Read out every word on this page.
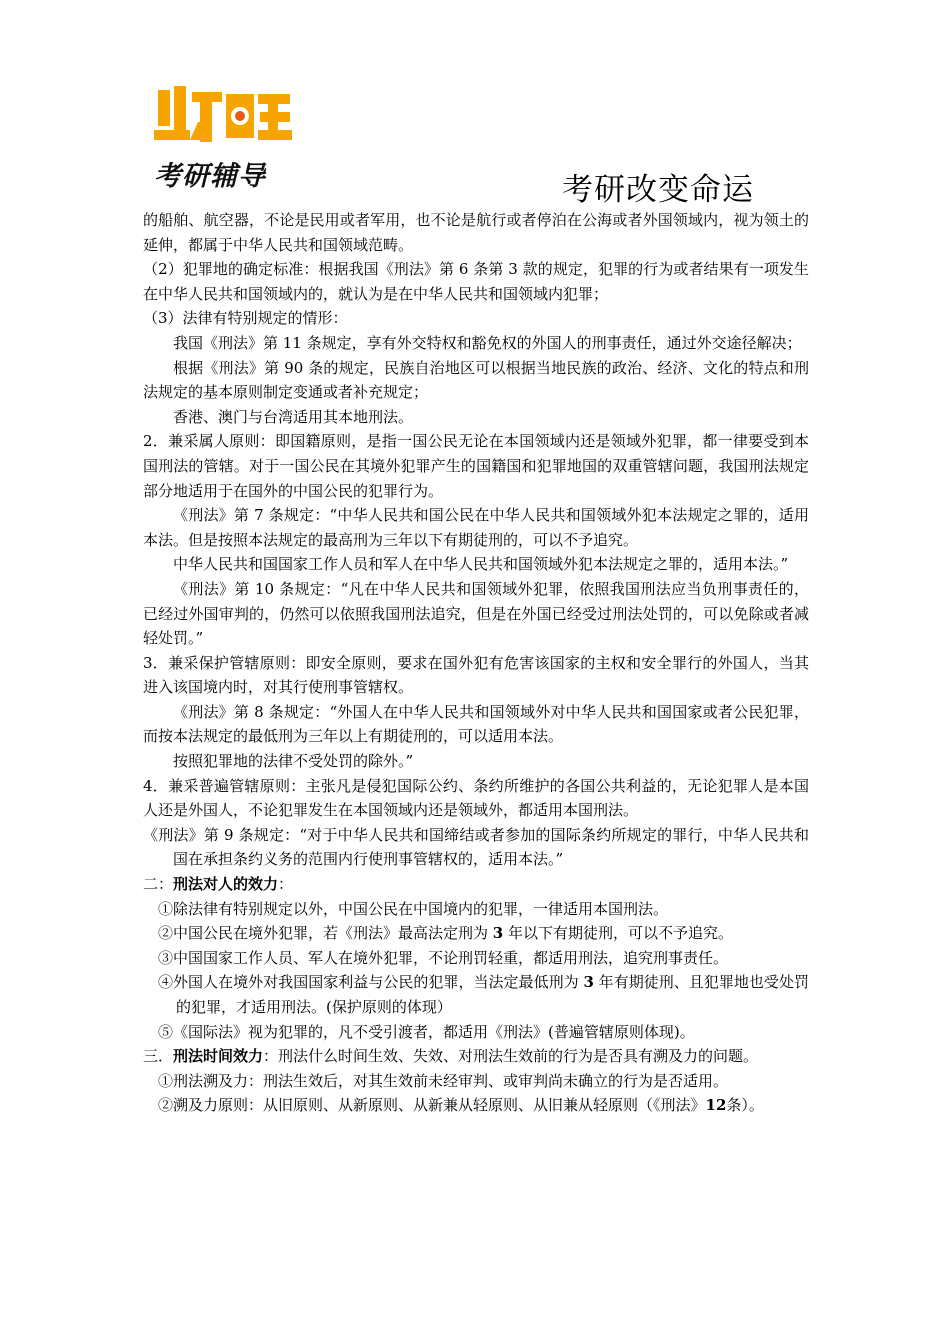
考研辅导	考研改变命运

的船舶、航空器，不论是民用或者军用，也不论是航行或者停泊在公海或者外国领域内，视为领土的延伸，都属于中华人民共和国领域范畴。

（2）犯罪地的确定标准：根据我国《刑法》第 6 条第 3 款的规定，犯罪的行为或者结果有一项发生在中华人民共和国领域内的，就认为是在中华人民共和国领域内犯罪；

（3）法律有特别规定的情形：

我国《刑法》第 11 条规定，享有外交特权和豁免权的外国人的刑事责任，通过外交途径解决；

根据《刑法》第 90 条的规定，民族自治地区可以根据当地民族的政治、经济、文化的特点和刑法规定的基本原则制定变通或者补充规定；

香港、澳门与台湾适用其本地刑法。

2．兼采属人原则：即国籍原则，是指一国公民无论在本国领域内还是领域外犯罪，都一律要受到本国刑法的管辖。对于一国公民在其境外犯罪产生的国籍国和犯罪地国的双重管辖问题，我国刑法规定部分地适用于在国外的中国公民的犯罪行为。

《刑法》第 7 条规定：“中华人民共和国公民在中华人民共和国领域外犯本法规定之罪的，适用本法。但是按照本法规定的最高刑为三年以下有期徒刑的，可以不予追究。

中华人民共和国国家工作人员和军人在中华人民共和国领域外犯本法规定之罪的，适用本法。”

《刑法》第 10 条规定：“凡在中华人民共和国领域外犯罪，依照我国刑法应当负刑事责任的，已经过外国审判的，仍然可以依照我国刑法追究，但是在外国已经受过刑法处罚的，可以免除或者减轻处罚。”

3．兼采保护管辖原则：即安全原则，要求在国外犯有危害该国家的主权和安全罪行的外国人，当其进入该国境内时，对其行使刑事管辖权。

《刑法》第 8 条规定：“外国人在中华人民共和国领域外对中华人民共和国国家或者公民犯罪，而按本法规定的最低刑为三年以上有期徒刑的，可以适用本法。

按照犯罪地的法律不受处罚的除外。”

4．兼采普遍管辖原则：主张凡是侵犯国际公约、条约所维护的各国公共利益的，无论犯罪人是本国人还是外国人，不论犯罪发生在本国领域内还是领域外，都适用本国刑法。

《刑法》第 9 条规定：“对于中华人民共和国缔结或者参加的国际条约所规定的罪行，中华人民共和国在承担条约义务的范围内行使刑事管辖权的，适用本法。”

二：刑法对人的效力：

①除法律有特别规定以外，中国公民在中国境内的犯罪，一律适用本国刑法。

②中国公民在境外犯罪，若《刑法》最高法定刑为 3 年以下有期徒刑，可以不予追究。

③中国国家工作人员、军人在境外犯罪，不论刑罚轻重，都适用刑法，追究刑事责任。

④外国人在境外对我国国家利益与公民的犯罪，当法定最低刑为 3 年有期徒刑、且犯罪地也受处罚的犯罪，才适用刑法。(保护原则的体现）

⑤《国际法》视为犯罪的，凡不受引渡者，都适用《刑法》(普遍管辖原则体现)。

三．刑法时间效力：刑法什么时间生效、失效、对刑法生效前的行为是否具有溯及力的问题。

①刑法溯及力：刑法生效后，对其生效前未经审判、或审判尚未确立的行为是否适用。

②溯及力原则：从旧原则、从新原则、从新兼从轻原则、从旧兼从轻原则（《刑法》12条）。
